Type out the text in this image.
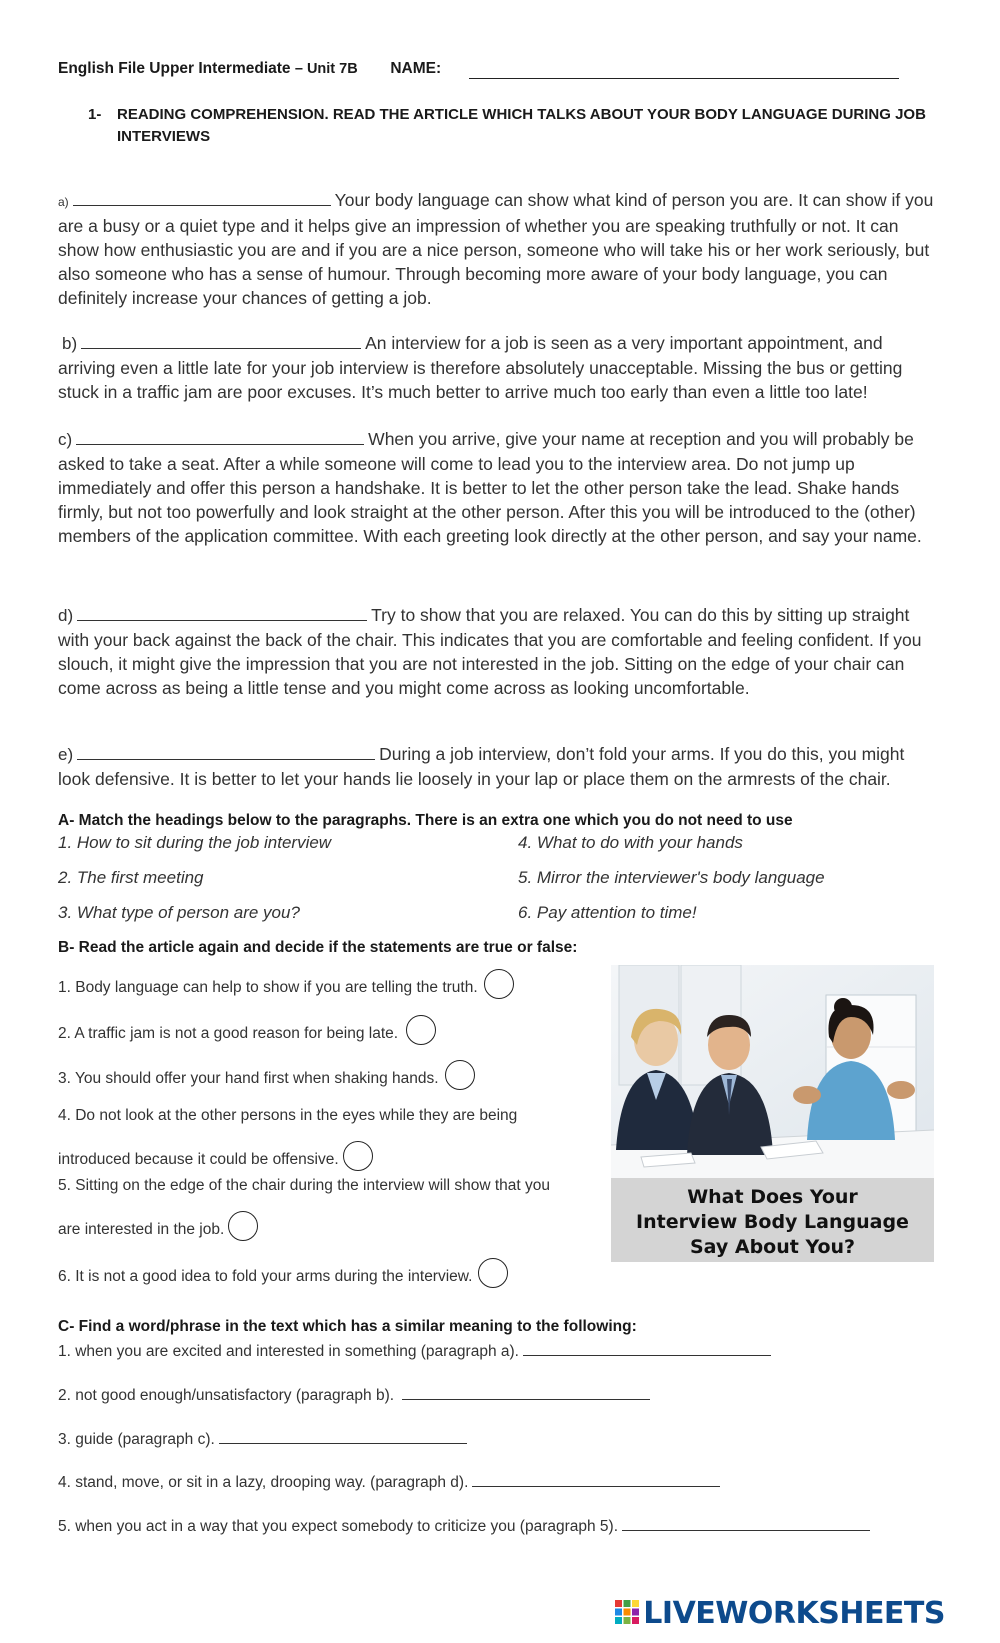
English File Upper Intermediate – Unit 7B NAME:
1- READING COMPREHENSION. READ THE ARTICLE WHICH TALKS ABOUT YOUR BODY LANGUAGE DURING JOB INTERVIEWS
a)	Your body language can show what kind of person you are. It can show if you are a busy or a quiet type and it helps give an impression of whether you are speaking truthfully or not. It can show how enthusiastic you are and if you are a nice person, someone who will take his or her work seriously, but also someone who has a sense of humour. Through becoming more aware of your body language, you can definitely increase your chances of getting a job.
b)	An interview for a job is seen as a very important appointment, and arriving even a little late for your job interview is therefore absolutely unacceptable. Missing the bus or getting stuck in a traffic jam are poor excuses. It’s much better to arrive much too early than even a little too late!
c)	When you arrive, give your name at reception and you will probably be asked to take a seat. After a while someone will come to lead you to the interview area. Do not jump up immediately and offer this person a handshake. It is better to let the other person take the lead. Shake hands firmly, but not too powerfully and look straight at the other person. After this you will be introduced to the (other) members of the application committee. With each greeting look directly at the other person, and say your name.
d)	Try to show that you are relaxed. You can do this by sitting up straight with your back against the back of the chair. This indicates that you are comfortable and feeling confident. If you slouch, it might give the impression that you are not interested in the job. Sitting on the edge of your chair can come across as being a little tense and you might come across as looking uncomfortable.
e)	During a job interview, don’t fold your arms. If you do this, you might look defensive. It is better to let your hands lie loosely in your lap or place them on the armrests of the chair.
A- Match the headings below to the paragraphs. There is an extra one which you do not need to use
1. How to sit during the job interview
2. The first meeting
3. What type of person are you?
4. What to do with your hands
5. Mirror the interviewer's body language
6. Pay attention to time!
B- Read the article again and decide if the statements are true or false:
1. Body language can help to show if you are telling the truth.
2. A traffic jam is not a good reason for being late.
3. You should offer your hand first when shaking hands.
4. Do not look at the other persons in the eyes while they are being
introduced because it could be offensive.
5. Sitting on the edge of the chair during the interview will show that you
are interested in the job.
6. It is not a good idea to fold your arms during the interview.
What Does Your
Interview Body Language
Say About You?
C- Find a word/phrase in the text which has a similar meaning to the following:
1. when you are excited and interested in something (paragraph a).
2. not good enough/unsatisfactory (paragraph b).
3. guide (paragraph c).
4. stand, move, or sit in a lazy, drooping way. (paragraph d).
5. when you act in a way that you expect somebody to criticize you (paragraph 5).
LIVEWORKSHEETS
